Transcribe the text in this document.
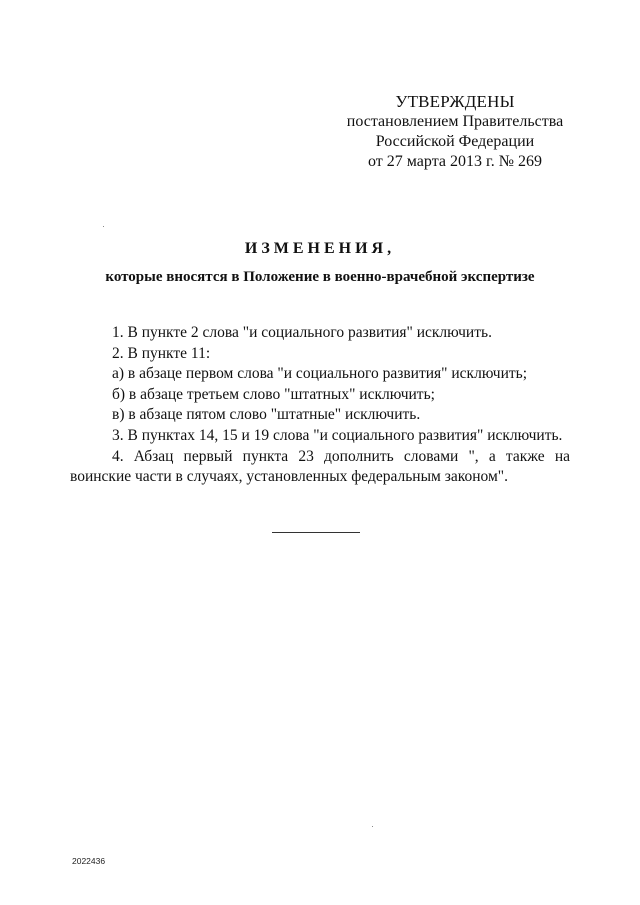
УТВЕРЖДЕНЫ
постановлением Правительства
Российской Федерации
от 27 марта 2013 г. № 269
ИЗМЕНЕНИЯ,
которые вносятся в Положение в военно-врачебной экспертизе

1. В пункте 2 слова "и социального развития" исключить.

2. В пункте 11:

а) в абзаце первом слова "и социального развития" исключить;

б) в абзаце третьем слово "штатных" исключить;

в) в абзаце пятом слово "штатные" исключить.

3. В пунктах 14, 15 и 19 слова "и социального развития" исключить.

4. Абзац первый пункта 23 дополнить словами ", а также на воинские части в случаях, установленных федеральным законом".

2022436
